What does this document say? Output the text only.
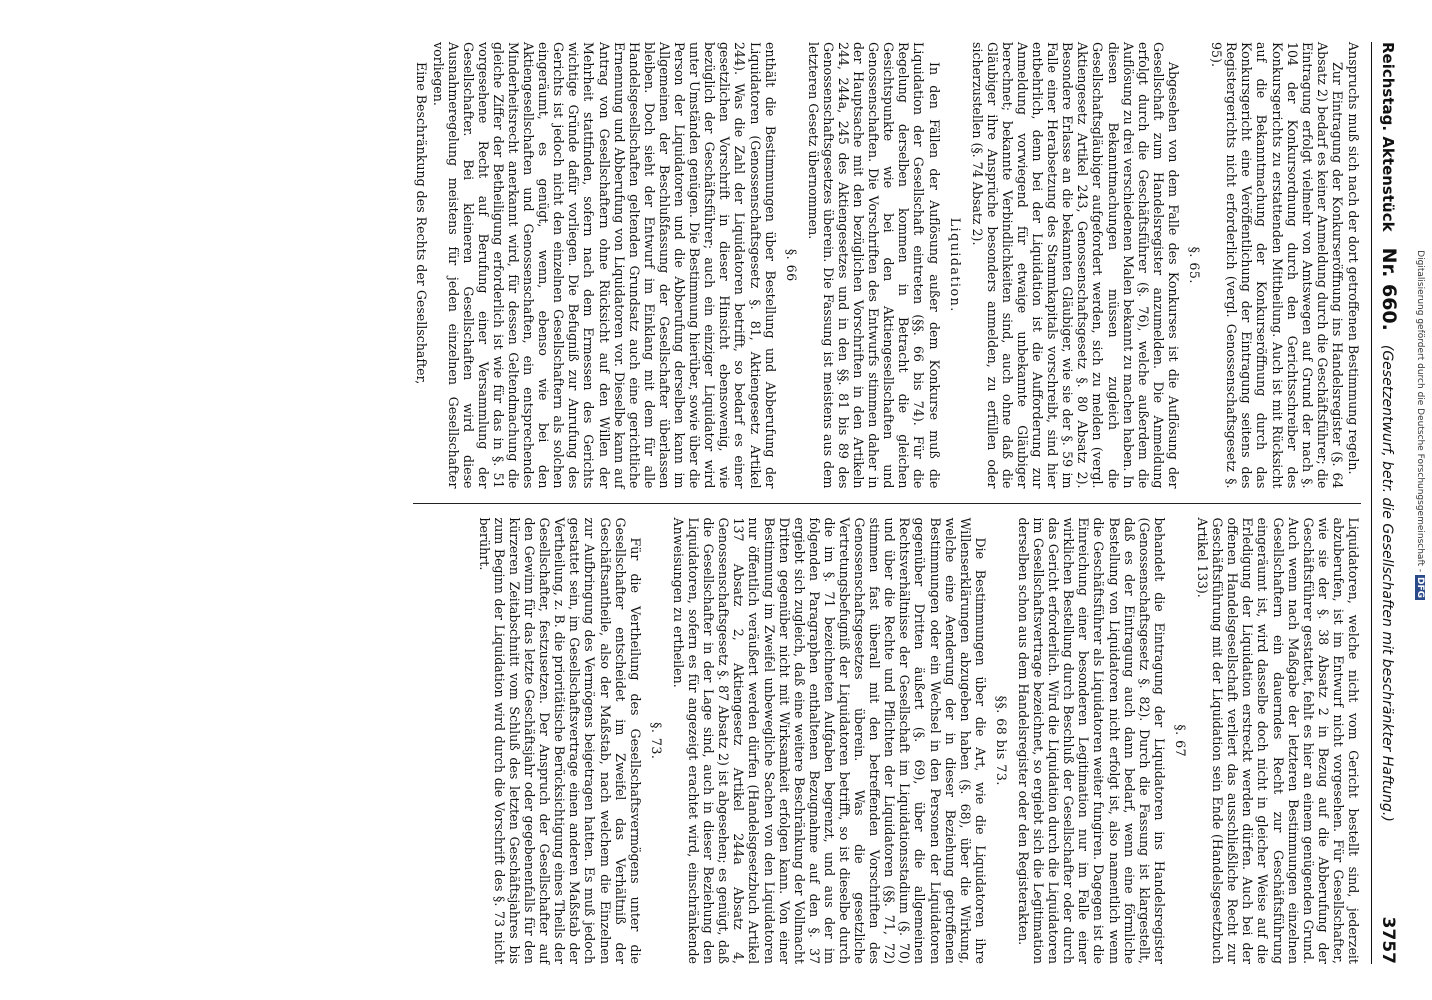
Reichstag. Aktenstück
Nr. 660.
(Gesetzentwurf, betr. die Gesellschaften mit beschränkter Haftung.)
3757

Anspruchs muß sich nach der dort getroffenen Bestimmung regeln.

Zur Eintragung der Konkurseröffnung ins Handelsregister (§. 64 Absatz 2) bedarf es keiner Anmeldung durch die Geschäftsführer; die Eintragung erfolgt vielmehr von Amtswegen auf Grund der nach §. 104 der Konkursordnung durch den Gerichtsschreiber des Konkursgerichts zu erstattenden Mittheilung. Auch ist mit Rücksicht auf die Bekanntmachung der Konkurseröffnung durch das Konkursgericht eine Veröffentlichung der Eintragung seitens des Registergerichts nicht erforderlich (vergl. Genossenschaftsgesetz §. 95).

§. 65.

Abgesehen von dem Falle des Konkurses ist die Auflösung der Gesellschaft zum Handelsregister anzumelden. Die Anmeldung erfolgt durch die Geschäftsführer (§. 76), welche außerdem die Auflösung zu drei verschiedenen Malen bekannt zu machen haben. In diesen Bekanntmachungen müssen zugleich die Gesellschaftsgläubiger aufgefordert werden, sich zu melden (vergl. Aktiengesetz Artikel 243, Genossenschaftsgesetz §. 80 Absatz 2). Besondere Erlasse an die bekannten Gläubiger, wie sie der §. 59 im Falle einer Herabsetzung des Stammkapitals vorschreibt, sind hier entbehrlich, denn bei der Liquidation ist die Aufforderung zur Anmeldung vorwiegend für etwaige unbekannte Gläubiger berechnet; bekannte Verbindlichkeiten sind, auch ohne daß die Gläubiger ihre Ansprüche besonders anmelden, zu erfüllen oder sicherzustellen (§. 74 Absatz 2).

Liquidation.

In den Fällen der Auflösung außer dem Konkurse muß die Liquidation der Gesellschaft eintreten (§§. 66 bis 74). Für die Regelung derselben kommen in Betracht die gleichen Gesichtspunkte wie bei den Aktiengesellschaften und Genossenschaften. Die Vorschriften des Entwurfs stimmen daher in der Hauptsache mit den bezüglichen Vorschriften in den Artikeln 244, 244a, 245 des Aktiengesetzes und in den §§. 81 bis 89 des Genossenschaftsgesetzes überein. Die Fassung ist meistens aus dem letzteren Gesetz übernommen.

§. 66

enthält die Bestimmungen über Bestellung und Abberufung der Liquidatoren (Genossenschaftsgesetz §. 81, Aktiengesetz Artikel 244). Was die Zahl der Liquidatoren betrifft, so bedarf es einer gesetzlichen Vorschrift in dieser Hinsicht ebensowenig, wie bezüglich der Geschäftsführer; auch ein einziger Liquidator wird unter Umständen genügen. Die Bestimmung hierüber, sowie über die Person der Liquidatoren und die Abberufung derselben kann im Allgemeinen der Beschlußfassung der Gesellschafter überlassen bleiben. Doch sieht der Entwurf im Einklang mit dem für alle Handelsgesellschaften geltenden Grundsatz auch eine gerichtliche Ernennung und Abberufung von Liquidatoren vor. Dieselbe kann auf Antrag von Gesellschaftern ohne Rücksicht auf den Willen der Mehrheit stattfinden, sofern nach dem Ermessen des Gerichts wichtige Gründe dafür vorliegen. Die Befugniß zur Anrufung des Gerichts ist jedoch nicht den einzelnen Gesellschaftern als solchen eingeräumt, es genügt, wenn, ebenso wie bei den Aktiengesellschaften und Genossenschaften, ein entsprechendes Minderheitsrecht anerkannt wird, für dessen Geltendmachung die gleiche Ziffer der Betheiligung erforderlich ist wie für das in §. 51 vorgesehene Recht auf Berufung einer Versammlung der Gesellschafter. Bei kleineren Gesellschaften wird diese Ausnahmeregelung meistens für jeden einzelnen Gesellschafter vorliegen.

Eine Beschränkung des Rechts der Gesellschafter,

Liquidatoren, welche nicht vom Gericht bestellt sind, jederzeit abzuberufen, ist im Entwurf nicht vorgesehen. Für Gesellschafter, wie sie der §. 38 Absatz 2 in Bezug auf die Abberufung der Geschäftsführer gestattet, fehlt es hier an einem genügenden Grund. Auch wenn nach Maßgabe der letzteren Bestimmungen einzelnen Gesellschaftern ein dauerndes Recht zur Geschäftsführung eingeräumt ist, wird dasselbe doch nicht in gleicher Weise auf die Erledigung der Liquidation erstreckt werden dürfen. Auch bei der offenen Handelsgesellschaft verliert das ausschließliche Recht zur Geschäftsführung mit der Liquidation sein Ende (Handelsgesetzbuch Artikel 133).

§. 67

behandelt die Eintragung der Liquidatoren ins Handelsregister (Genossenschaftsgesetz §. 82). Durch die Fassung ist klargestellt, daß es der Eintragung auch dann bedarf, wenn eine förmliche Bestellung von Liquidatoren nicht erfolgt ist, also namentlich wenn die Geschäftsführer als Liquidatoren weiter fungiren. Dagegen ist die Einreichung einer besonderen Legitimation nur im Falle einer wirklichen Bestellung durch Beschluß der Gesellschafter oder durch das Gericht erforderlich. Wird die Liquidation durch die Liquidatoren im Gesellschaftsvertrage bezeichnet, so ergiebt sich die Legitimation derselben schon aus dem Handelsregister oder den Registerakten.

§§. 68 bis 73.

Die Bestimmungen über die Art, wie die Liquidatoren ihre Willenserklärungen abzugeben haben (§. 68), über die Wirkung, welche eine Aenderung der in dieser Beziehung getroffenen Bestimmungen oder ein Wechsel in den Personen der Liquidatoren gegenüber Dritten äußert (§. 69), über die allgemeinen Rechtsverhältnisse der Gesellschaft im Liquidationsstadium (§. 70) und über die Rechte und Pflichten der Liquidatoren (§§. 71, 72) stimmen fast überall mit den betreffenden Vorschriften des Genossenschaftsgesetzes überein. Was die gesetzliche Vertretungsbefugniß der Liquidatoren betrifft, so ist dieselbe durch die im §. 71 bezeichneten Aufgaben begrenzt, und aus der im folgenden Paragraphen enthaltenen Bezugnahme auf den §. 37 ergiebt sich zugleich, daß eine weitere Beschränkung der Vollmacht Dritten gegenüber nicht mit Wirksamkeit erfolgen kann. Von einer Bestimmung im Zweifel unbewegliche Sachen von den Liquidatoren nur öffentlich veräußert werden dürfen (Handelsgesetzbuch Artikel 137 Absatz 2, Aktiengesetz Artikel 244a Absatz 4, Genossenschaftsgesetz §. 87 Absatz 2) ist abgesehen; es genügt, daß die Gesellschafter in der Lage sind, auch in dieser Beziehung den Liquidatoren, sofern es für angezeigt erachtet wird, einschränkende Anweisungen zu ertheilen.

§. 73.

Für die Vertheilung des Gesellschaftsvermögens unter die Gesellschafter entscheidet im Zweifel das Verhältniß der Geschäftsantheile, also der Maßstab, nach welchem die Einzelnen zur Aufbringung des Vermögens beigetragen hatten. Es muß jedoch gestattet sein, im Gesellschaftsvertrage einen anderen Maßstab der Vertheilung, z. B. die prioritätische Berücksichtigung eines Theils der Gesellschafter, festzusetzen. Der Anspruch der Gesellschafter auf den Gewinn für das letzte Geschäftsjahr oder gegebenenfalls für den kürzeren Zeitabschnitt vom Schluß des letzten Geschäftsjahres bis zum Beginn der Liquidation wird durch die Vorschrift des §. 73 nicht berührt.	Digitalisierung gefördert durch die Deutsche Forschungsgemeinschaft - DFG
